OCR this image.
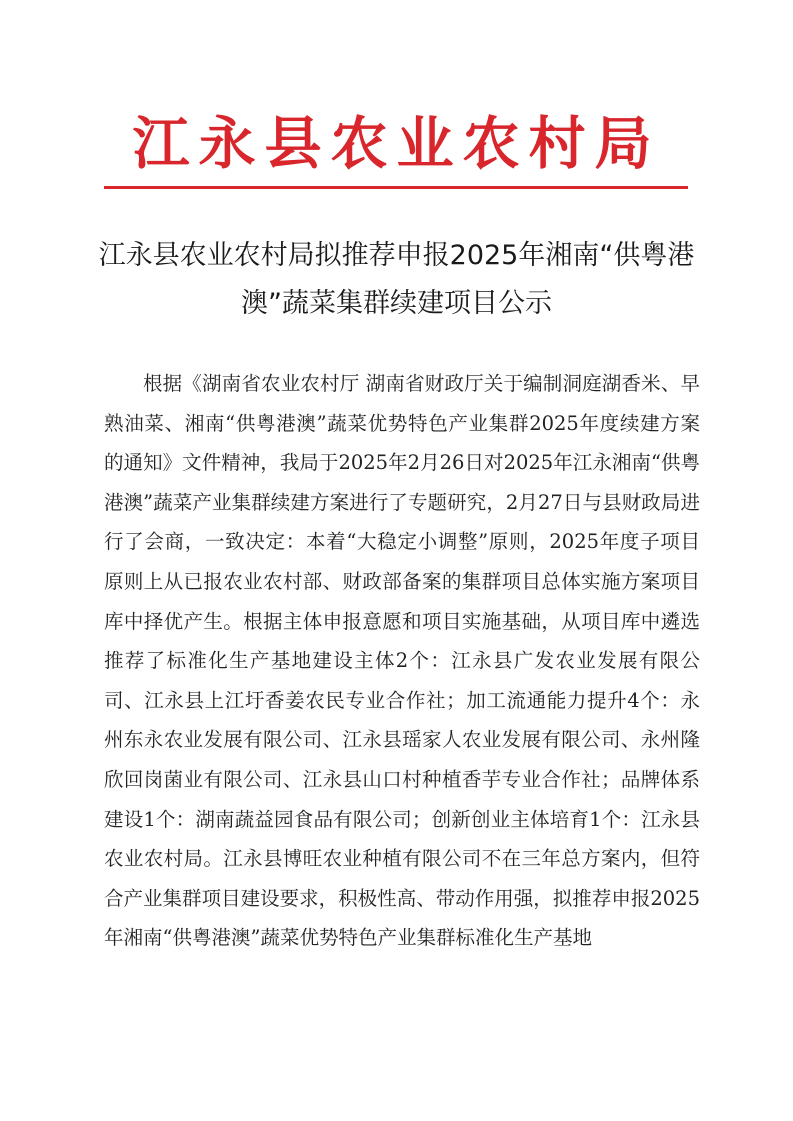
江永县农业农村局
江永县农业农村局拟推荐申报2025年湘南“供粤港澳”蔬菜集群续建项目公示

根据《湖南省农业农村厅 湖南省财政厅关于编制洞庭湖香米、早熟油菜、湘南“供粤港澳”蔬菜优势特色产业集群2025年度续建方案的通知》文件精神，我局于2025年2月26日对2025年江永湘南“供粤港澳”蔬菜产业集群续建方案进行了专题研究，2月27日与县财政局进行了会商，一致决定：本着“大稳定小调整”原则，2025年度子项目原则上从已报农业农村部、财政部备案的集群项目总体实施方案项目库中择优产生。根据主体申报意愿和项目实施基础，从项目库中遴选推荐了标准化生产基地建设主体2个：江永县广发农业发展有限公司、江永县上江圩香姜农民专业合作社；加工流通能力提升4个：永州东永农业发展有限公司、江永县瑶家人农业发展有限公司、永州隆欣回岗菌业有限公司、江永县山口村种植香芋专业合作社；品牌体系建设1个：湖南蔬益园食品有限公司；创新创业主体培育1个：江永县农业农村局。江永县博旺农业种植有限公司不在三年总方案内，但符合产业集群项目建设要求，积极性高、带动作用强，拟推荐申报2025年湘南“供粤港澳”蔬菜优势特色产业集群标准化生产基地
